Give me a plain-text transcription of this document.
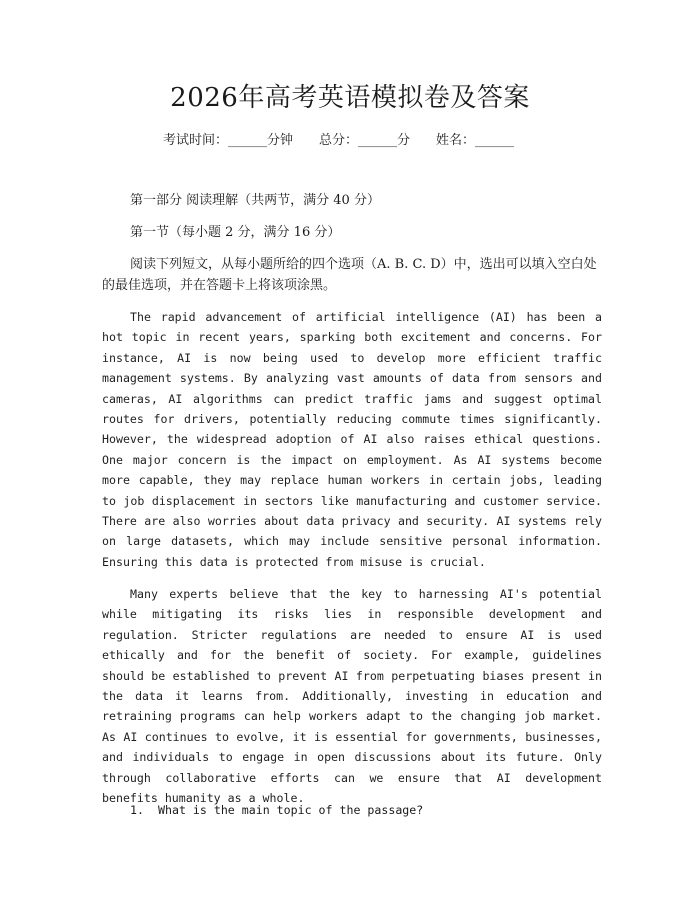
2026年高考英语模拟卷及答案
考试时间：______分钟 总分：______分 姓名：______
第一部分 阅读理解（共两节，满分 40 分）
第一节（每小题 2 分，满分 16 分）

阅读下列短文，从每小题所给的四个选项（A. B. C. D）中，选出可以填入空白处的最佳选项，并在答题卡上将该项涂黑。

The rapid advancement of artificial intelligence (AI) has been a hot topic in recent years, sparking both excitement and concerns. For instance, AI is now being used to develop more efficient traffic management systems. By analyzing vast amounts of data from sensors and cameras, AI algorithms can predict traffic jams and suggest optimal routes for drivers, potentially reducing commute times significantly. However, the widespread adoption of AI also raises ethical questions. One major concern is the impact on employment. As AI systems become more capable, they may replace human workers in certain jobs, leading to job displacement in sectors like manufacturing and customer service. There are also worries about data privacy and security. AI systems rely on large datasets, which may include sensitive personal information. Ensuring this data is protected from misuse is crucial.

Many experts believe that the key to harnessing AI's potential while mitigating its risks lies in responsible development and regulation. Stricter regulations are needed to ensure AI is used ethically and for the benefit of society. For example, guidelines should be established to prevent AI from perpetuating biases present in the data it learns from. Additionally, investing in education and retraining programs can help workers adapt to the changing job market. As AI continues to evolve, it is essential for governments, businesses, and individuals to engage in open discussions about its future. Only through collaborative efforts can we ensure that AI development benefits humanity as a whole.

1. What is the main topic of the passage?
